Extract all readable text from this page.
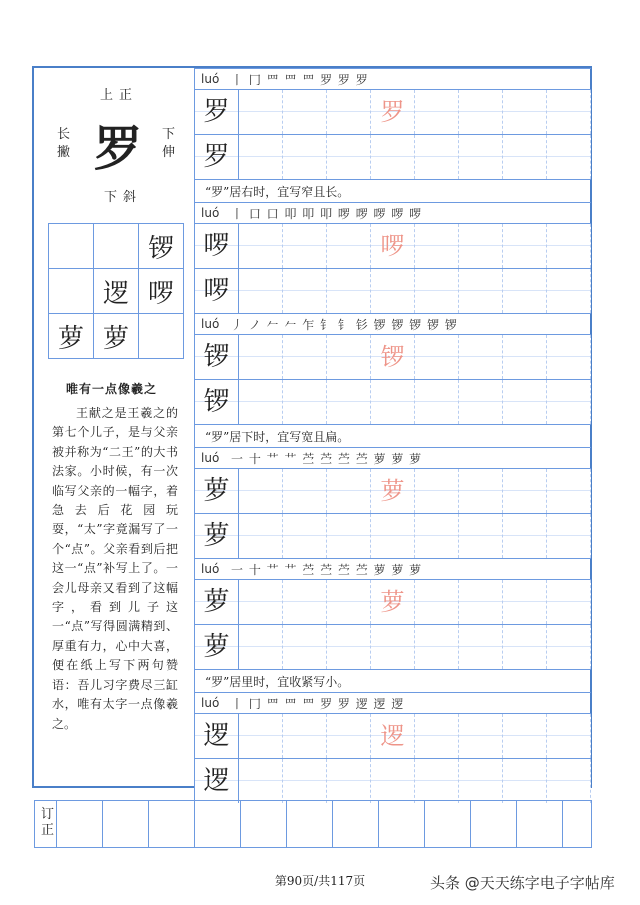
上正
长
撇 罗 下
伸
下斜
		锣
	逻	啰
萝	萝	
唯有一点像羲之

王献之是王羲之的第七个儿子，是与父亲被并称为“二王”的大书法家。小时候，有一次临写父亲的一幅字，着急去后花园玩耍，“太”字竟漏写了一个“点”。父亲看到后把这一“点”补写上了。一会儿母亲又看到了这幅字，看到儿子这一“点”写得圆满精到、厚重有力，心中大喜，便在纸上写下两句赞语：吾儿习字费尽三缸水，唯有太字一点像羲之。

luó 丨 冂 罒 罒 罒 罗 罗 罗
罗	罗
罗
“罗”居右时，宜写窄且长。
luó 丨 口 口 叩 叩 叩 啰 啰 啰 啰 啰
啰	啰
啰
luó 丿 ノ 𠂉 𠂉 乍 钅 钅 钐 锣 锣 锣 锣 锣
锣	锣
锣
“罗”居下时，宜写宽且扁。
luó 一 十 艹 艹 苎 苎 苎 苎 萝 萝 萝
萝	萝
萝
luó 一 十 艹 艹 苎 苎 苎 苎 萝 萝 萝
萝	萝
萝
“罗”居里时，宜收紧写小。
luó 丨 冂 罒 罒 罒 罗 罗 逻 逻 逻
逻	逻
逻
订
正
第90页/共117页	头条 @天天练字电子字帖库
